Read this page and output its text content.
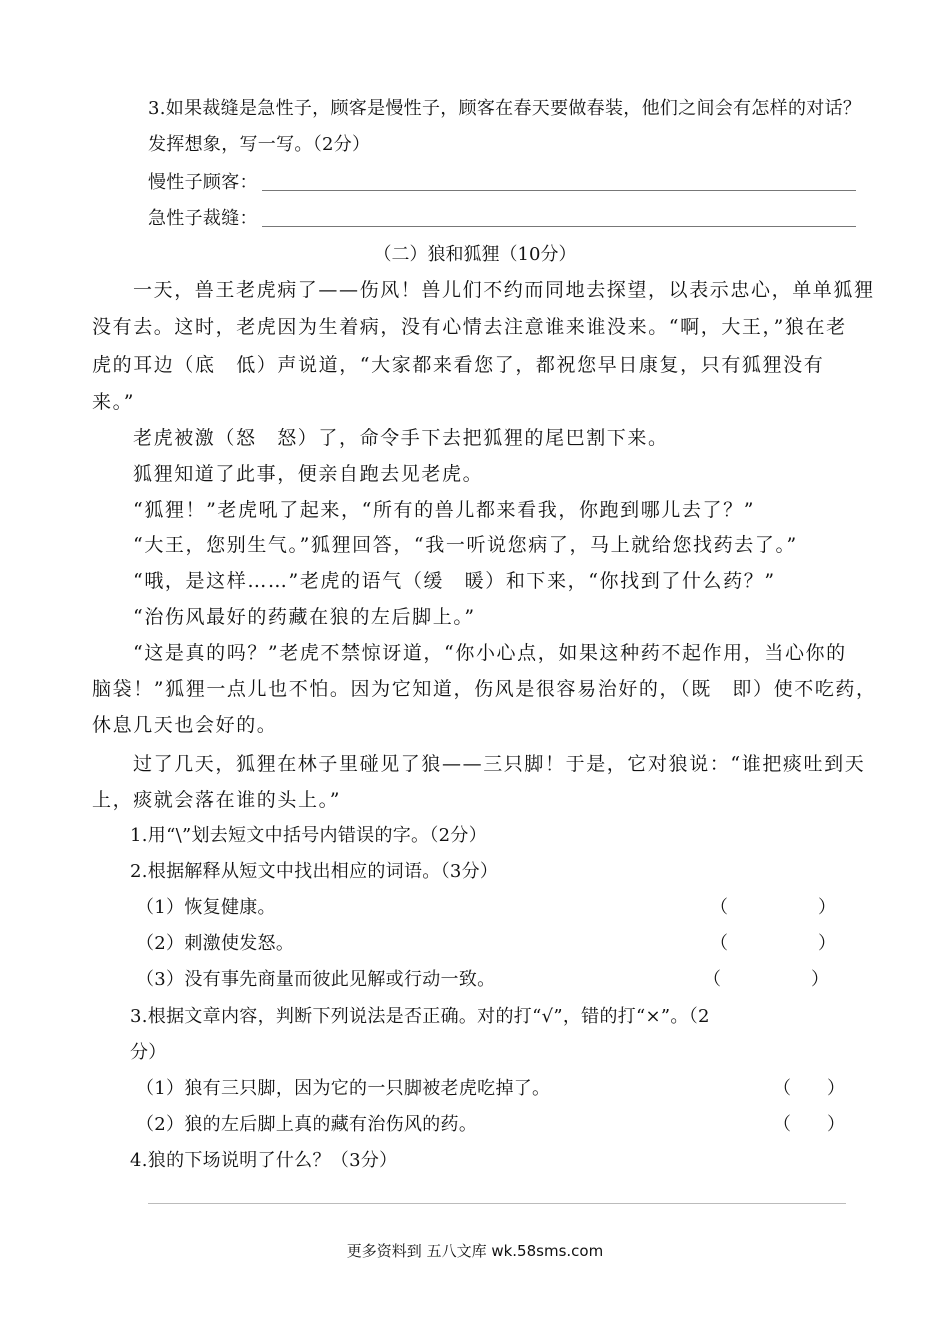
3.如果裁缝是急性子，顾客是慢性子，顾客在春天要做春装，他们之间会有怎样的对话？
发挥想象，写一写。（2分）
慢性子顾客：
急性子裁缝：
（二）狼和狐狸（10分）
一天，兽王老虎病了——伤风！兽儿们不约而同地去探望，以表示忠心，单单狐狸
没有去。这时，老虎因为生着病，没有心情去注意谁来谁没来。“啊，大王，”狼在老
虎的耳边（底　低）声说道，“大家都来看您了，都祝您早日康复，只有狐狸没有
来。”
老虎被激（怒　怒）了，命令手下去把狐狸的尾巴割下来。
狐狸知道了此事，便亲自跑去见老虎。
“狐狸！”老虎吼了起来，“所有的兽儿都来看我，你跑到哪儿去了？”
“大王，您别生气。”狐狸回答，“我一听说您病了，马上就给您找药去了。”
“哦，是这样……”老虎的语气（缓　暖）和下来，“你找到了什么药？”
“治伤风最好的药藏在狼的左后脚上。”
“这是真的吗？”老虎不禁惊讶道，“你小心点，如果这种药不起作用，当心你的
脑袋！”狐狸一点儿也不怕。因为它知道，伤风是很容易治好的，（既　即）使不吃药，
休息几天也会好的。
过了几天，狐狸在林子里碰见了狼——三只脚！于是，它对狼说：“谁把痰吐到天
上，痰就会落在谁的头上。”
1.用“\”划去短文中括号内错误的字。（2分）
2.根据解释从短文中找出相应的词语。（3分）
（1）恢复健康。	（　　　　　）
（2）刺激使发怒。	（　　　　　）
（3）没有事先商量而彼此见解或行动一致。	（　　　　　）
3.根据文章内容，判断下列说法是否正确。对的打“√”，错的打“×”。（2
分）
（1）狼有三只脚，因为它的一只脚被老虎吃掉了。	（　　）
（2）狼的左后脚上真的藏有治伤风的药。	（　　）
4.狼的下场说明了什么？（3分）
更多资料到 五八文库 wk.58sms.com
